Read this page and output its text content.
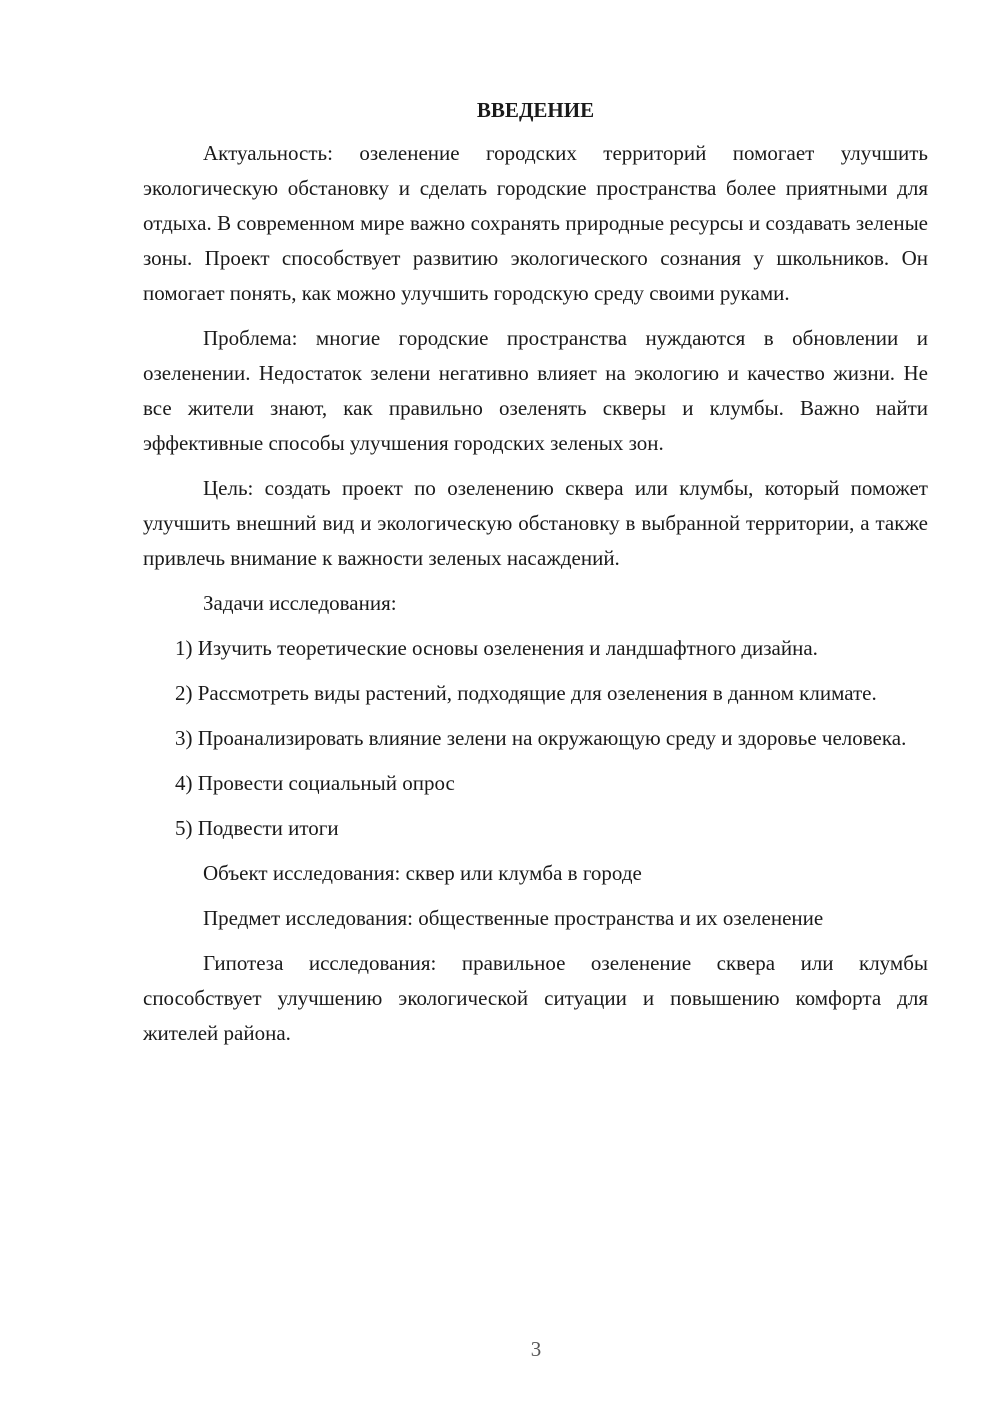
ВВЕДЕНИЕ

Актуальность: озеленение городских территорий помогает улучшить экологическую обстановку и сделать городские пространства более приятными для отдыха. В современном мире важно сохранять природные ресурсы и создавать зеленые зоны. Проект способствует развитию экологического сознания у школьников. Он помогает понять, как можно улучшить городскую среду своими руками.

Проблема: многие городские пространства нуждаются в обновлении и озеленении. Недостаток зелени негативно влияет на экологию и качество жизни. Не все жители знают, как правильно озеленять скверы и клумбы. Важно найти эффективные способы улучшения городских зеленых зон.

Цель: создать проект по озеленению сквера или клумбы, который поможет улучшить внешний вид и экологическую обстановку в выбранной территории, а также привлечь внимание к важности зеленых насаждений.

Задачи исследования:

1) Изучить теоретические основы озеленения и ландшафтного дизайна.

2) Рассмотреть виды растений, подходящие для озеленения в данном климате.

3) Проанализировать влияние зелени на окружающую среду и здоровье человека.

4) Провести социальный опрос

5) Подвести итоги

Объект исследования: сквер или клумба в городе

Предмет исследования: общественные пространства и их озеленение

Гипотеза исследования: правильное озеленение сквера или клумбы способствует улучшению экологической ситуации и повышению комфорта для жителей района.

3
